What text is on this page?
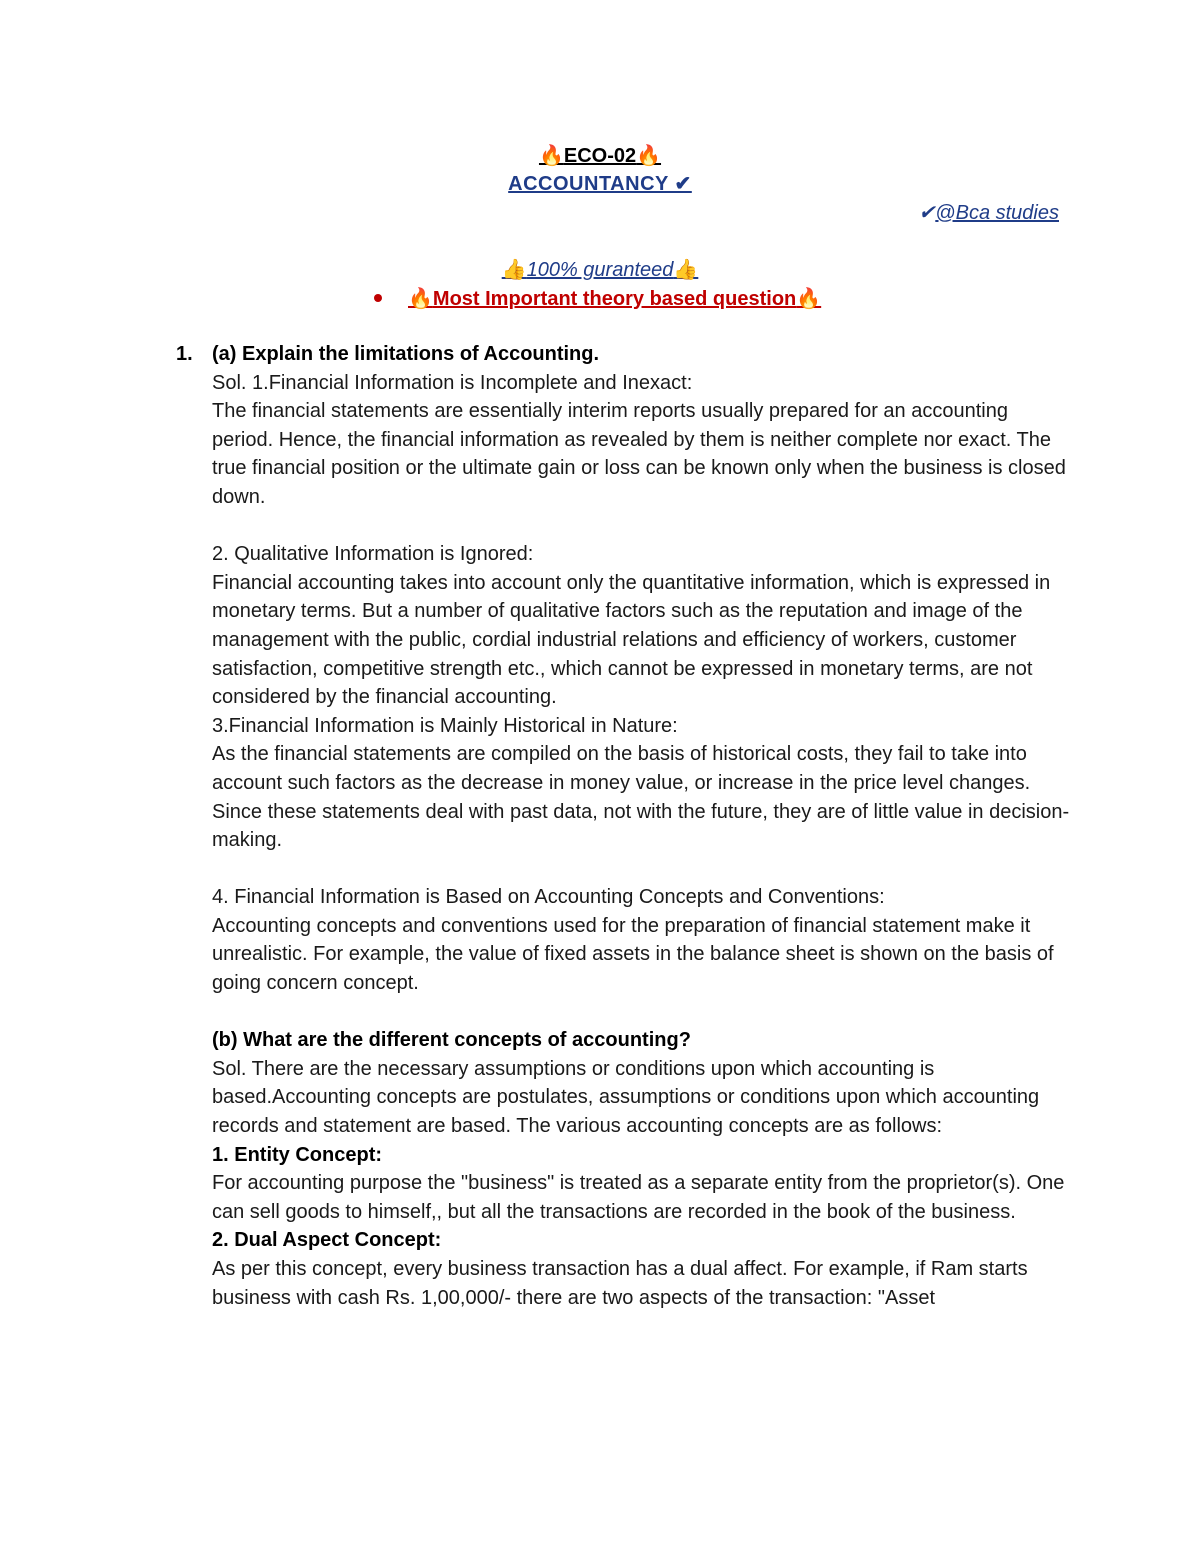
🔥ECO-02🔥
ACCOUNTANCY ✔
✔@Bca studies
👍100% guranteed👍
🔥Most Important theory based question🔥

1. (a) Explain the limitations of Accounting.

Sol. 1.Financial Information is Incomplete and Inexact:

The financial statements are essentially interim reports usually prepared for an accounting period. Hence, the financial information as revealed by them is neither complete nor exact. The true financial position or the ultimate gain or loss can be known only when the business is closed down.

2. Qualitative Information is Ignored:

Financial accounting takes into account only the quantitative information, which is expressed in monetary terms. But a number of qualitative factors such as the reputation and image of the management with the public, cordial industrial relations and efficiency of workers, customer satisfaction, competitive strength etc., which cannot be expressed in monetary terms, are not considered by the financial accounting.

3.Financial Information is Mainly Historical in Nature:

As the financial statements are compiled on the basis of historical costs, they fail to take into account such factors as the decrease in money value, or increase in the price level changes. Since these statements deal with past data, not with the future, they are of little value in decision-making.

4. Financial Information is Based on Accounting Concepts and Conventions:

Accounting concepts and conventions used for the preparation of financial statement make it unrealistic. For example, the value of fixed assets in the balance sheet is shown on the basis of going concern concept.

(b) What are the different concepts of accounting?

Sol. There are the necessary assumptions or conditions upon which accounting is based.Accounting concepts are postulates, assumptions or conditions upon which accounting records and statement are based. The various accounting concepts are as follows:

1. Entity Concept:

For accounting purpose the "business" is treated as a separate entity from the proprietor(s). One can sell goods to himself,, but all the transactions are recorded in the book of the business.

2. Dual Aspect Concept:

As per this concept, every business transaction has a dual affect. For example, if Ram starts business with cash Rs. 1,00,000/- there are two aspects of the transaction: "Asset
